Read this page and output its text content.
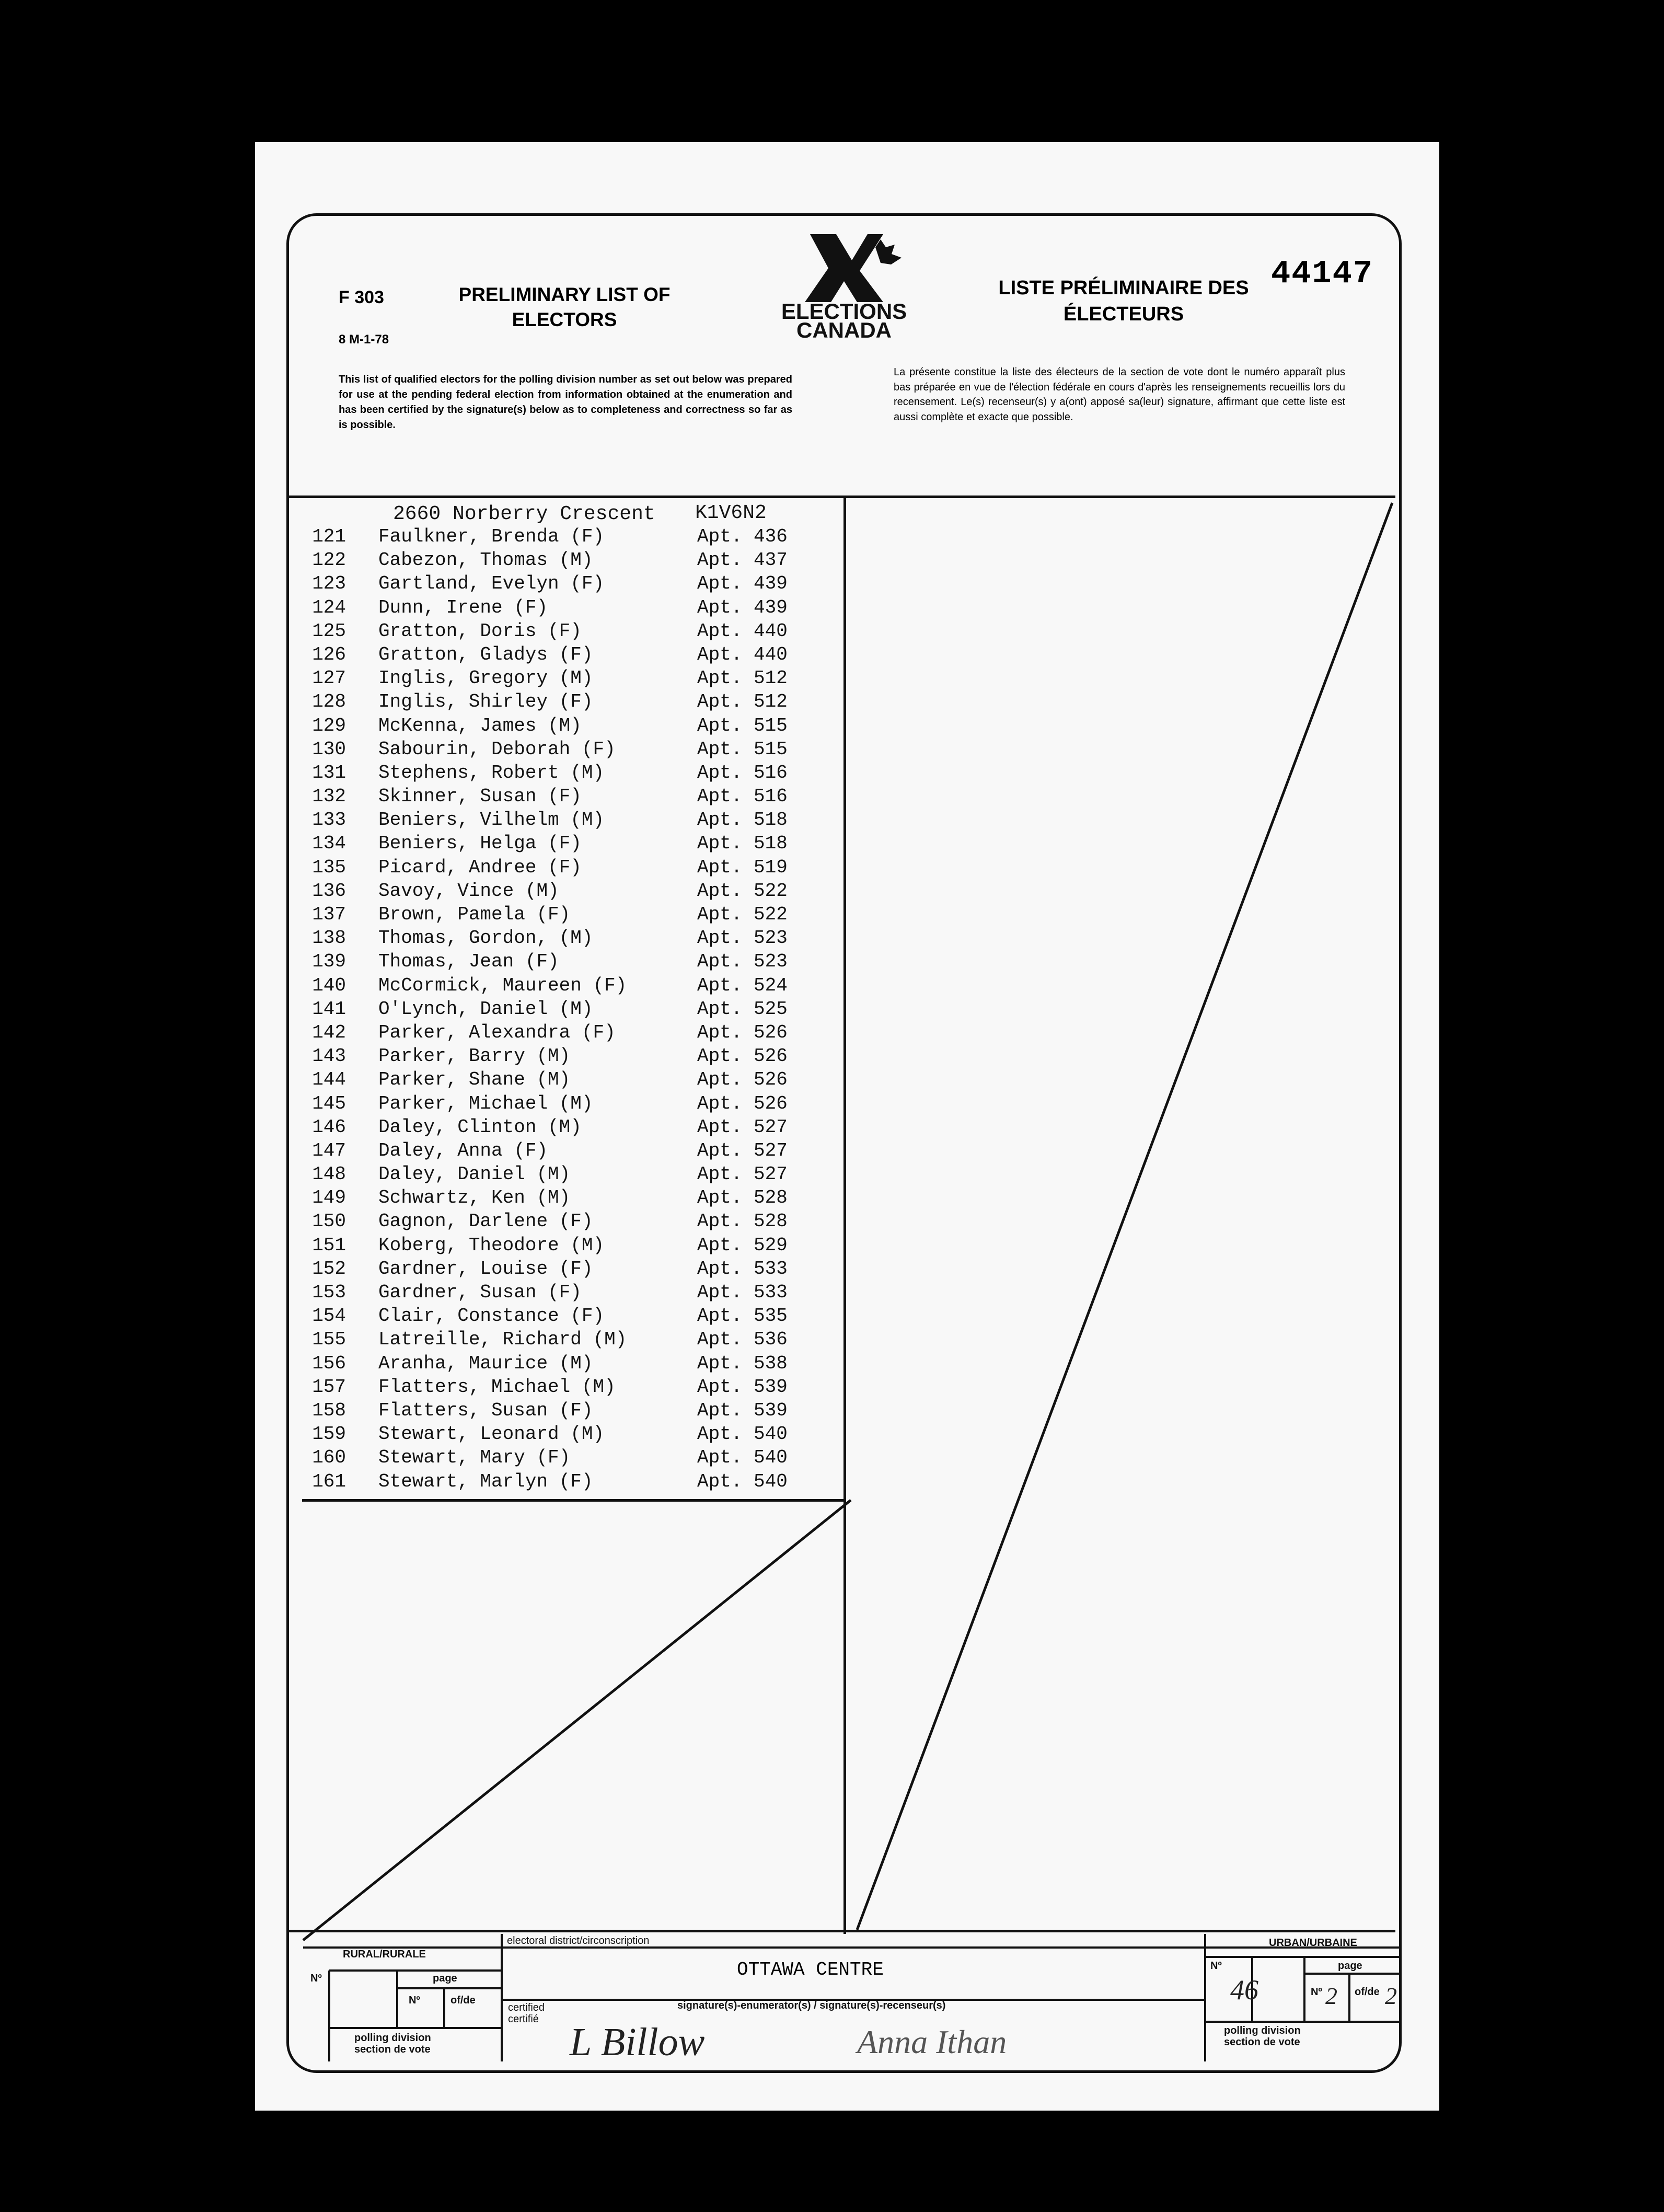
F 303
8 M-1-78
PRELIMINARY LIST OF ELECTORS	ELECTIONS
CANADA
LISTE PRÉLIMINAIRE DES ÉLECTEURS
44147
This list of qualified electors for the polling division number as set out below was prepared for use at the pending federal election from information obtained at the enumeration and has been certified by the signature(s) below as to completeness and correctness so far as is possible.
La présente constitue la liste des électeurs de la section de vote dont le numéro apparaît plus bas préparée en vue de l'élection fédérale en cours d'après les renseignements recueillis lors du recensement. Le(s) recenseur(s) y a(ont) apposé sa(leur) signature, affirmant que cette liste est aussi complète et exacte que possible.
2660 Norberry Crescent K1V6N2
121 Faulkner, Brenda (F)	Apt. 436
122 Cabezon, Thomas (M)	Apt. 437
123 Gartland, Evelyn (F)	Apt. 439
124 Dunn, Irene (F)	Apt. 439
125 Gratton, Doris (F)	Apt. 440
126 Gratton, Gladys (F)	Apt. 440
127 Inglis, Gregory (M)	Apt. 512
128 Inglis, Shirley (F)	Apt. 512
129 McKenna, James (M)	Apt. 515
130 Sabourin, Deborah (F)	Apt. 515
131 Stephens, Robert (M)	Apt. 516
132 Skinner, Susan (F)	Apt. 516
133 Beniers, Vilhelm (M)	Apt. 518
134 Beniers, Helga (F)	Apt. 518
135 Picard, Andree (F)	Apt. 519
136 Savoy, Vince (M)	Apt. 522
137 Brown, Pamela (F)	Apt. 522
138 Thomas, Gordon, (M)	Apt. 523
139 Thomas, Jean (F)	Apt. 523
140 McCormick, Maureen (F)	Apt. 524
141 O'Lynch, Daniel (M)	Apt. 525
142 Parker, Alexandra (F)	Apt. 526
143 Parker, Barry (M)	Apt. 526
144 Parker, Shane (M)	Apt. 526
145 Parker, Michael (M)	Apt. 526
146 Daley, Clinton (M)	Apt. 527
147 Daley, Anna (F)	Apt. 527
148 Daley, Daniel (M)	Apt. 527
149 Schwartz, Ken (M)	Apt. 528
150 Gagnon, Darlene (F)	Apt. 528
151 Koberg, Theodore (M)	Apt. 529
152 Gardner, Louise (F)	Apt. 533
153 Gardner, Susan (F)	Apt. 533
154 Clair, Constance (F)	Apt. 535
155 Latreille, Richard (M)	Apt. 536
156 Aranha, Maurice (M)	Apt. 538
157 Flatters, Michael (M)	Apt. 539
158 Flatters, Susan (F)	Apt. 539
159 Stewart, Leonard (M)	Apt. 540
160 Stewart, Mary (F)	Apt. 540
161 Stewart, Marlyn (F)	Apt. 540
RURAL/RURALE
Nº	page
Nº	of/de
polling division
section de vote
electoral district/circonscription
OTTAWA CENTRE
certified
certifié
signature(s)-enumerator(s) / signature(s)-recenseur(s)
L Billow	Anna Ithan
URBAN/URBAINE
Nº	page
Nº	of/de
46	2 2
polling division
section de vote
